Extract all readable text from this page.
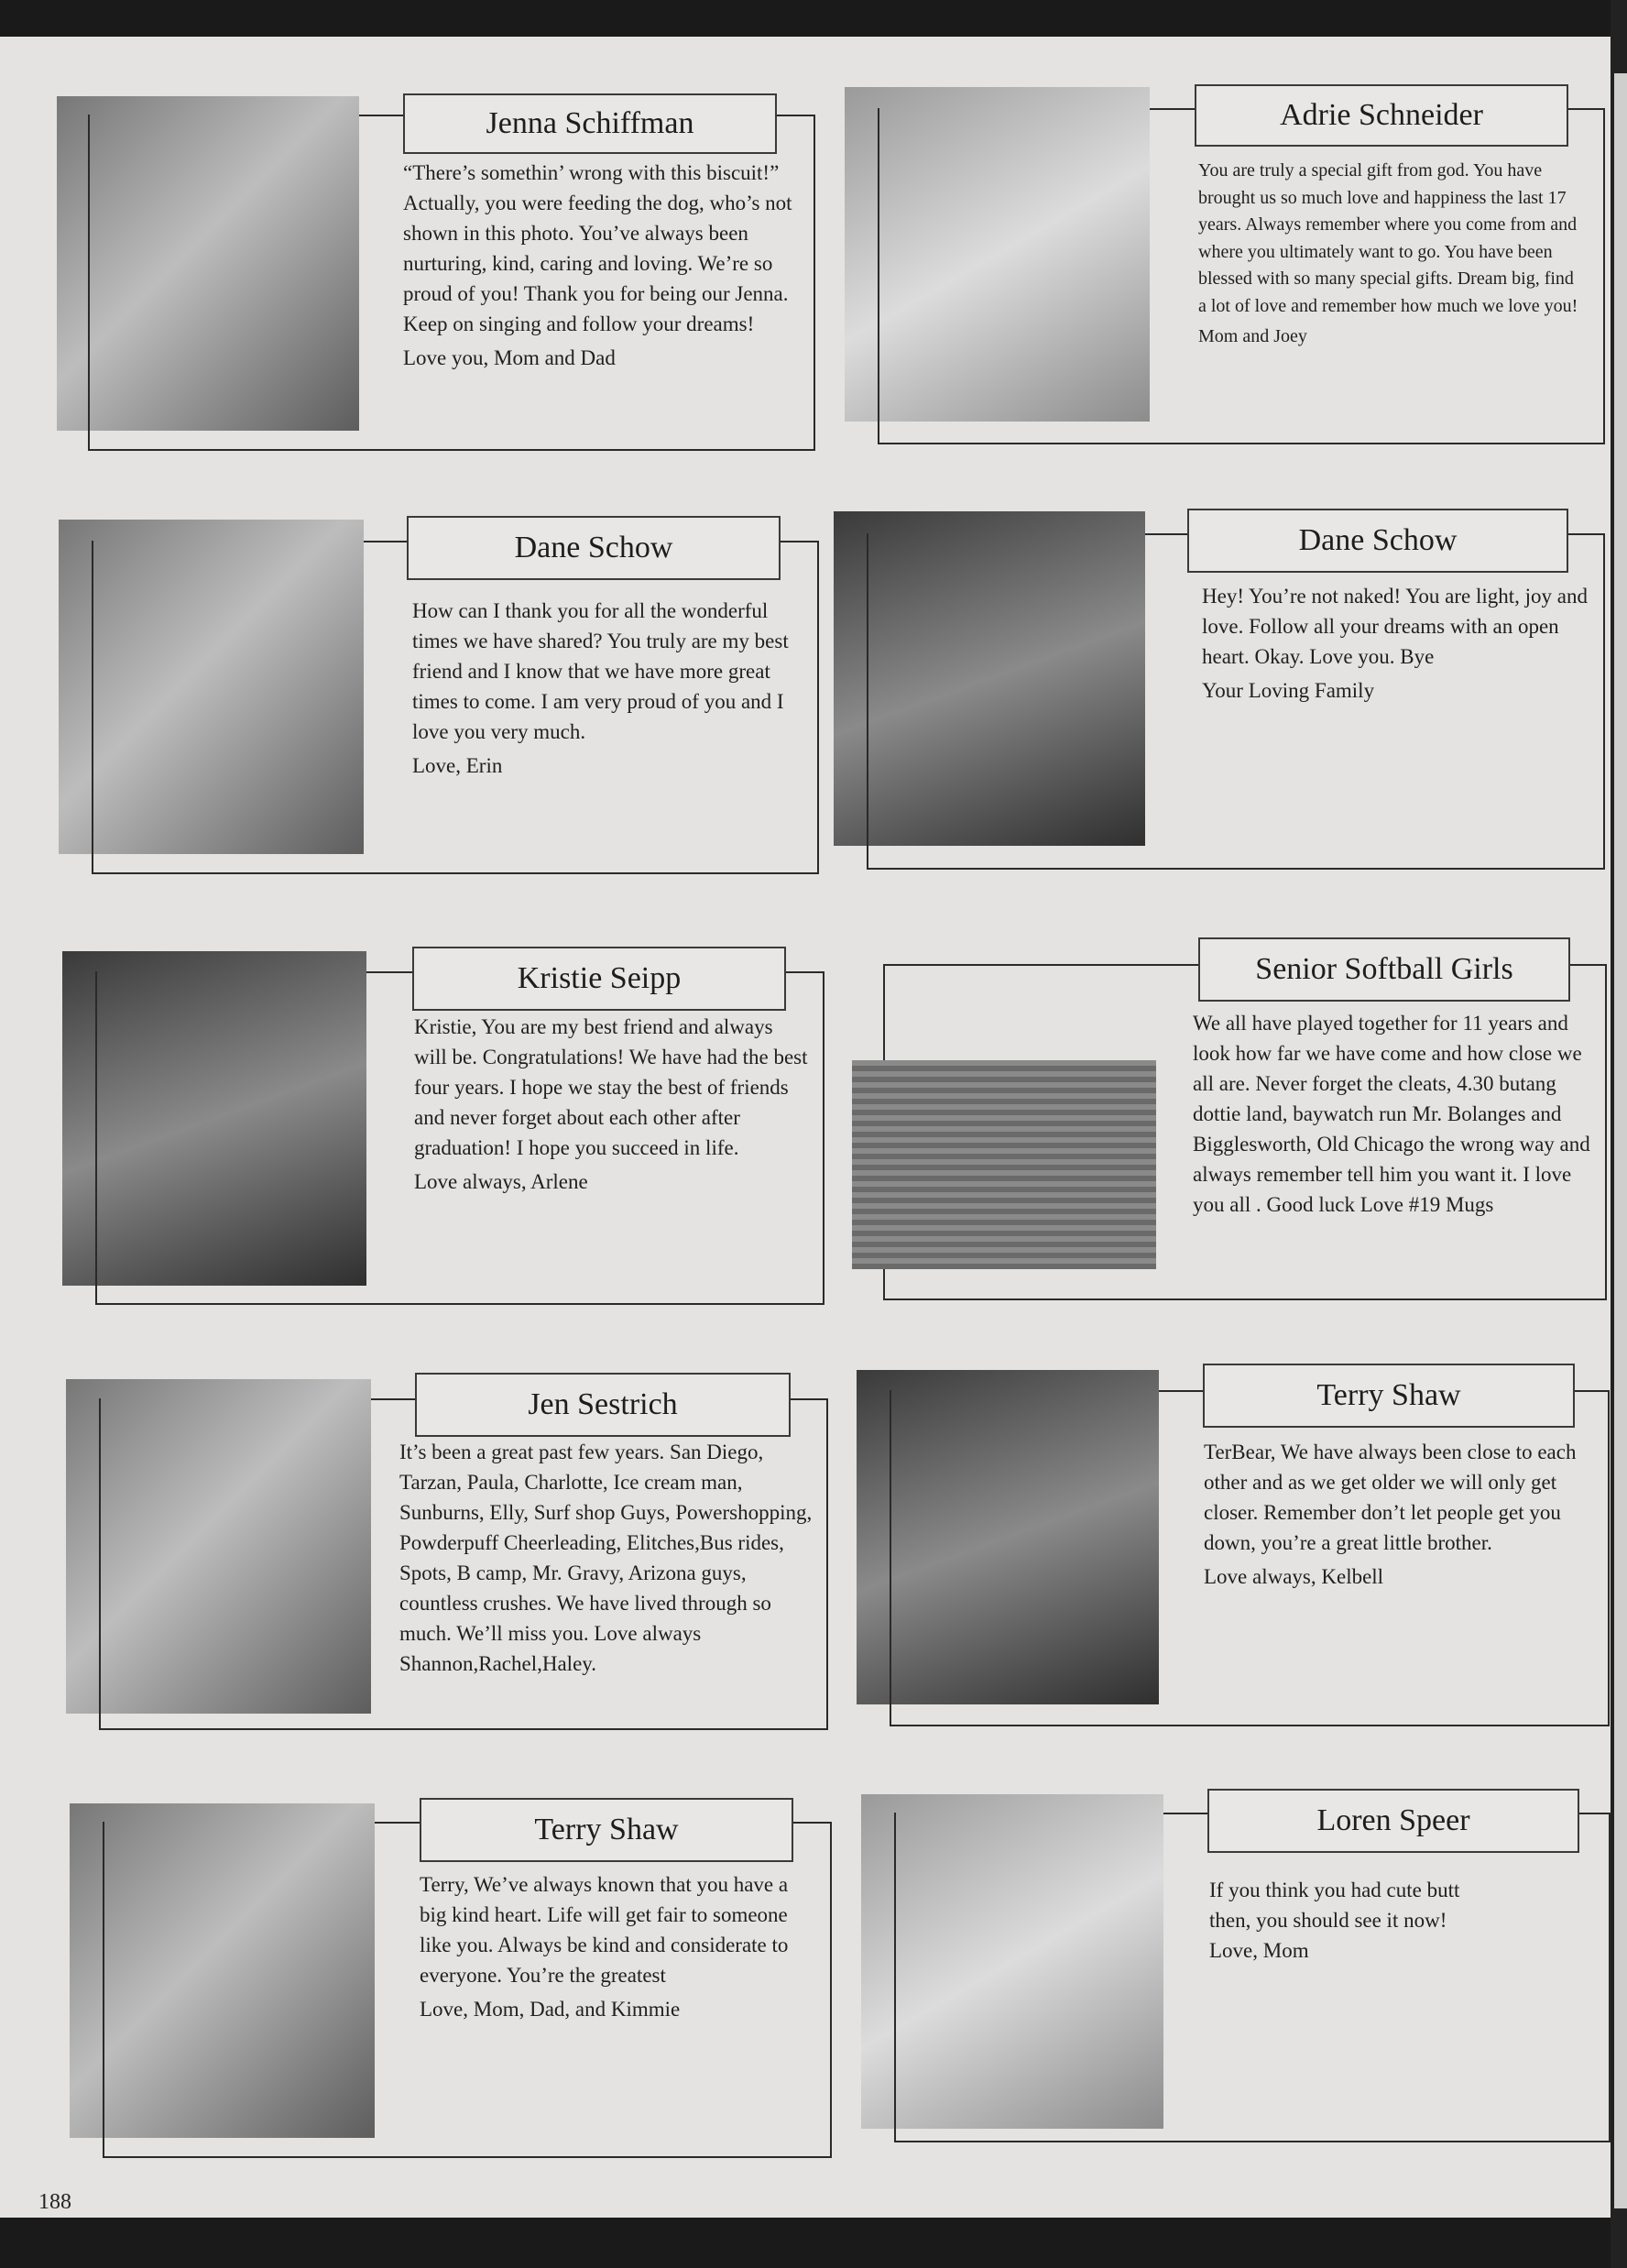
Jenna Schiffman

“There’s somethin’ wrong with this biscuit!” Actually, you were feeding the dog, who’s not shown in this photo. You’ve always been nurturing, kind, caring and loving. We’re so proud of you! Thank you for being our Jenna. Keep on singing and follow your dreams!

Love you, Mom and Dad

Adrie Schneider

You are truly a special gift from god. You have brought us so much love and happiness the last 17 years. Always remember where you come from and where you ultimately want to go. You have been blessed with so many special gifts. Dream big, find a lot of love and remember how much we love you!

Mom and Joey

Dane Schow

How can I thank you for all the wonderful times we have shared? You truly are my best friend and I know that we have more great times to come. I am very proud of you and I love you very much.

Love, Erin

Dane Schow

Hey! You’re not naked! You are light, joy and love. Follow all your dreams with an open heart. Okay. Love you. Bye

Your Loving Family

Kristie Seipp

Kristie, You are my best friend and always will be. Congratulations! We have had the best four years. I hope we stay the best of friends and never forget about each other after graduation! I hope you succeed in life.

Love always, Arlene

Senior Softball Girls

We all have played together for 11 years and look how far we have come and how close we all are. Never forget the cleats, 4.30 butang dottie land, baywatch run Mr. Bolanges and Bigglesworth, Old Chicago the wrong way and always remember tell him you want it. I love you all . Good luck Love #19 Mugs

Jen Sestrich

It’s been a great past few years. San Diego, Tarzan, Paula, Charlotte, Ice cream man, Sunburns, Elly, Surf shop Guys, Powershopping, Powderpuff Cheerleading, Elitches,Bus rides, Spots, B camp, Mr. Gravy, Arizona guys, countless crushes. We have lived through so much. We’ll miss you. Love always Shannon,Rachel,Haley.

Terry Shaw

TerBear, We have always been close to each other and as we get older we will only get closer. Remember don’t let people get you down, you’re a great little brother.

Love always, Kelbell

Terry Shaw

Terry, We’ve always known that you have a big kind heart. Life will get fair to someone like you. Always be kind and considerate to everyone. You’re the greatest

Love, Mom, Dad, and Kimmie

Loren Speer

If you think you had cute butt then, you should see it now! Love, Mom

188
